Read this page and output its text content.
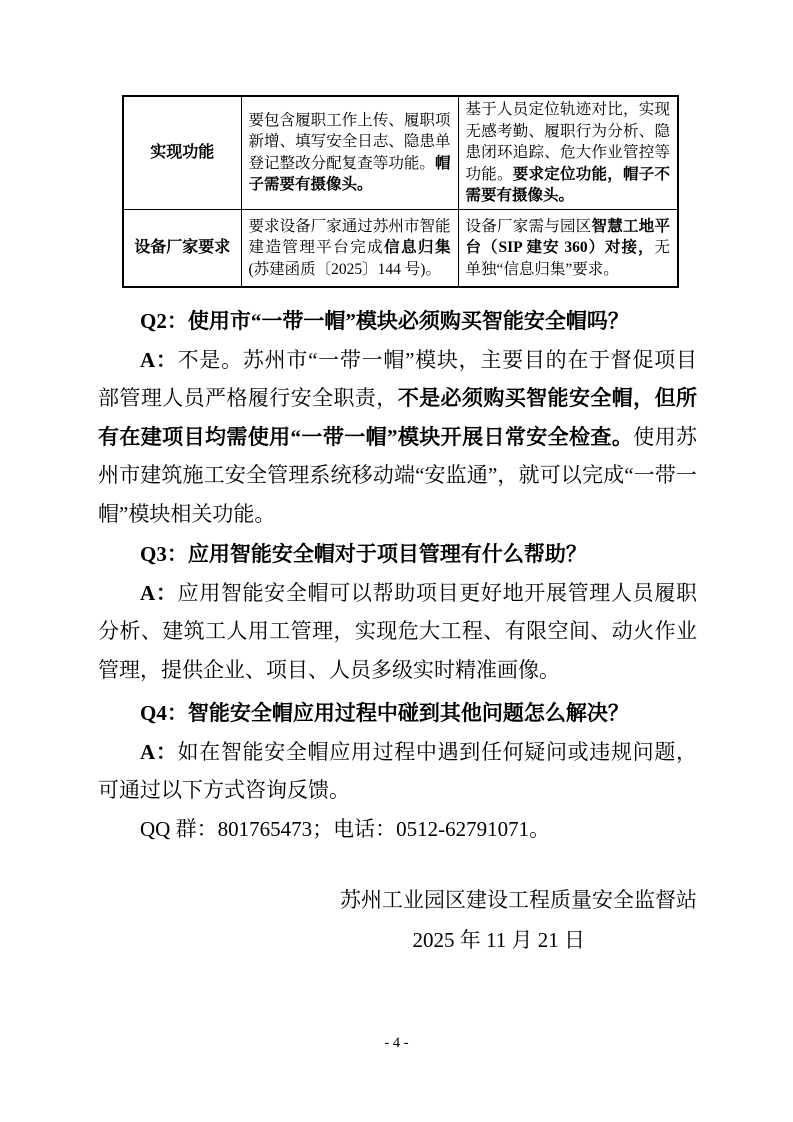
实现功能	要包含履职工作上传、履职项新增、填写安全日志、隐患单登记整改分配复查等功能。帽子需要有摄像头。	基于人员定位轨迹对比，实现无感考勤、履职行为分析、隐患闭环追踪、危大作业管控等功能。要求定位功能，帽子不需要有摄像头。
设备厂家要求	要求设备厂家通过苏州市智能建造管理平台完成信息归集(苏建函质〔2025〕144 号)。	设备厂家需与园区智慧工地平台（SIP 建安 360）对接，无单独“信息归集”要求。

Q2：使用市“一带一帽”模块必须购买智能安全帽吗？

A：不是。苏州市“一带一帽”模块，主要目的在于督促项目部管理人员严格履行安全职责，不是必须购买智能安全帽，但所有在建项目均需使用“一带一帽”模块开展日常安全检查。使用苏州市建筑施工安全管理系统移动端“安监通”，就可以完成“一带一帽”模块相关功能。

Q3：应用智能安全帽对于项目管理有什么帮助？

A：应用智能安全帽可以帮助项目更好地开展管理人员履职分析、建筑工人用工管理，实现危大工程、有限空间、动火作业管理，提供企业、项目、人员多级实时精准画像。

Q4：智能安全帽应用过程中碰到其他问题怎么解决？

A：如在智能安全帽应用过程中遇到任何疑问或违规问题，可通过以下方式咨询反馈。

QQ 群：801765473；电话：0512-62791071。

苏州工业园区建设工程质量安全监督站

2025 年 11 月 21 日

- 4 -
